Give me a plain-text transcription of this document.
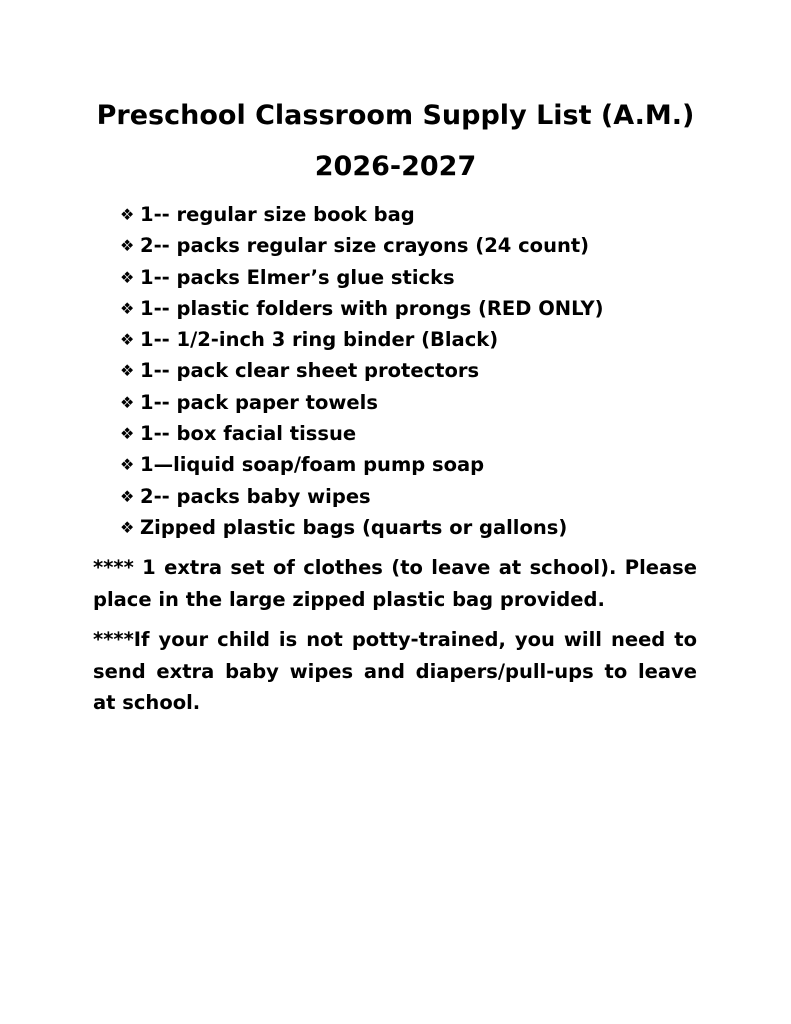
Preschool Classroom Supply List (A.M.)
2026-2027
❖ 1-- regular size book bag
❖ 2-- packs regular size crayons (24 count)
❖ 1-- packs Elmer’s glue sticks
❖ 1-- plastic folders with prongs (RED ONLY)
❖ 1-- 1/2-inch 3 ring binder (Black)
❖ 1-- pack clear sheet protectors
❖ 1-- pack paper towels
❖ 1-- box facial tissue
❖ 1—liquid soap/foam pump soap
❖ 2-- packs baby wipes
❖ Zipped plastic bags (quarts or gallons)

**** 1 extra set of clothes (to leave at school). Please place in the large zipped plastic bag provided.

****If your child is not potty-trained, you will need to send extra baby wipes and diapers/pull-ups to leave at school.
